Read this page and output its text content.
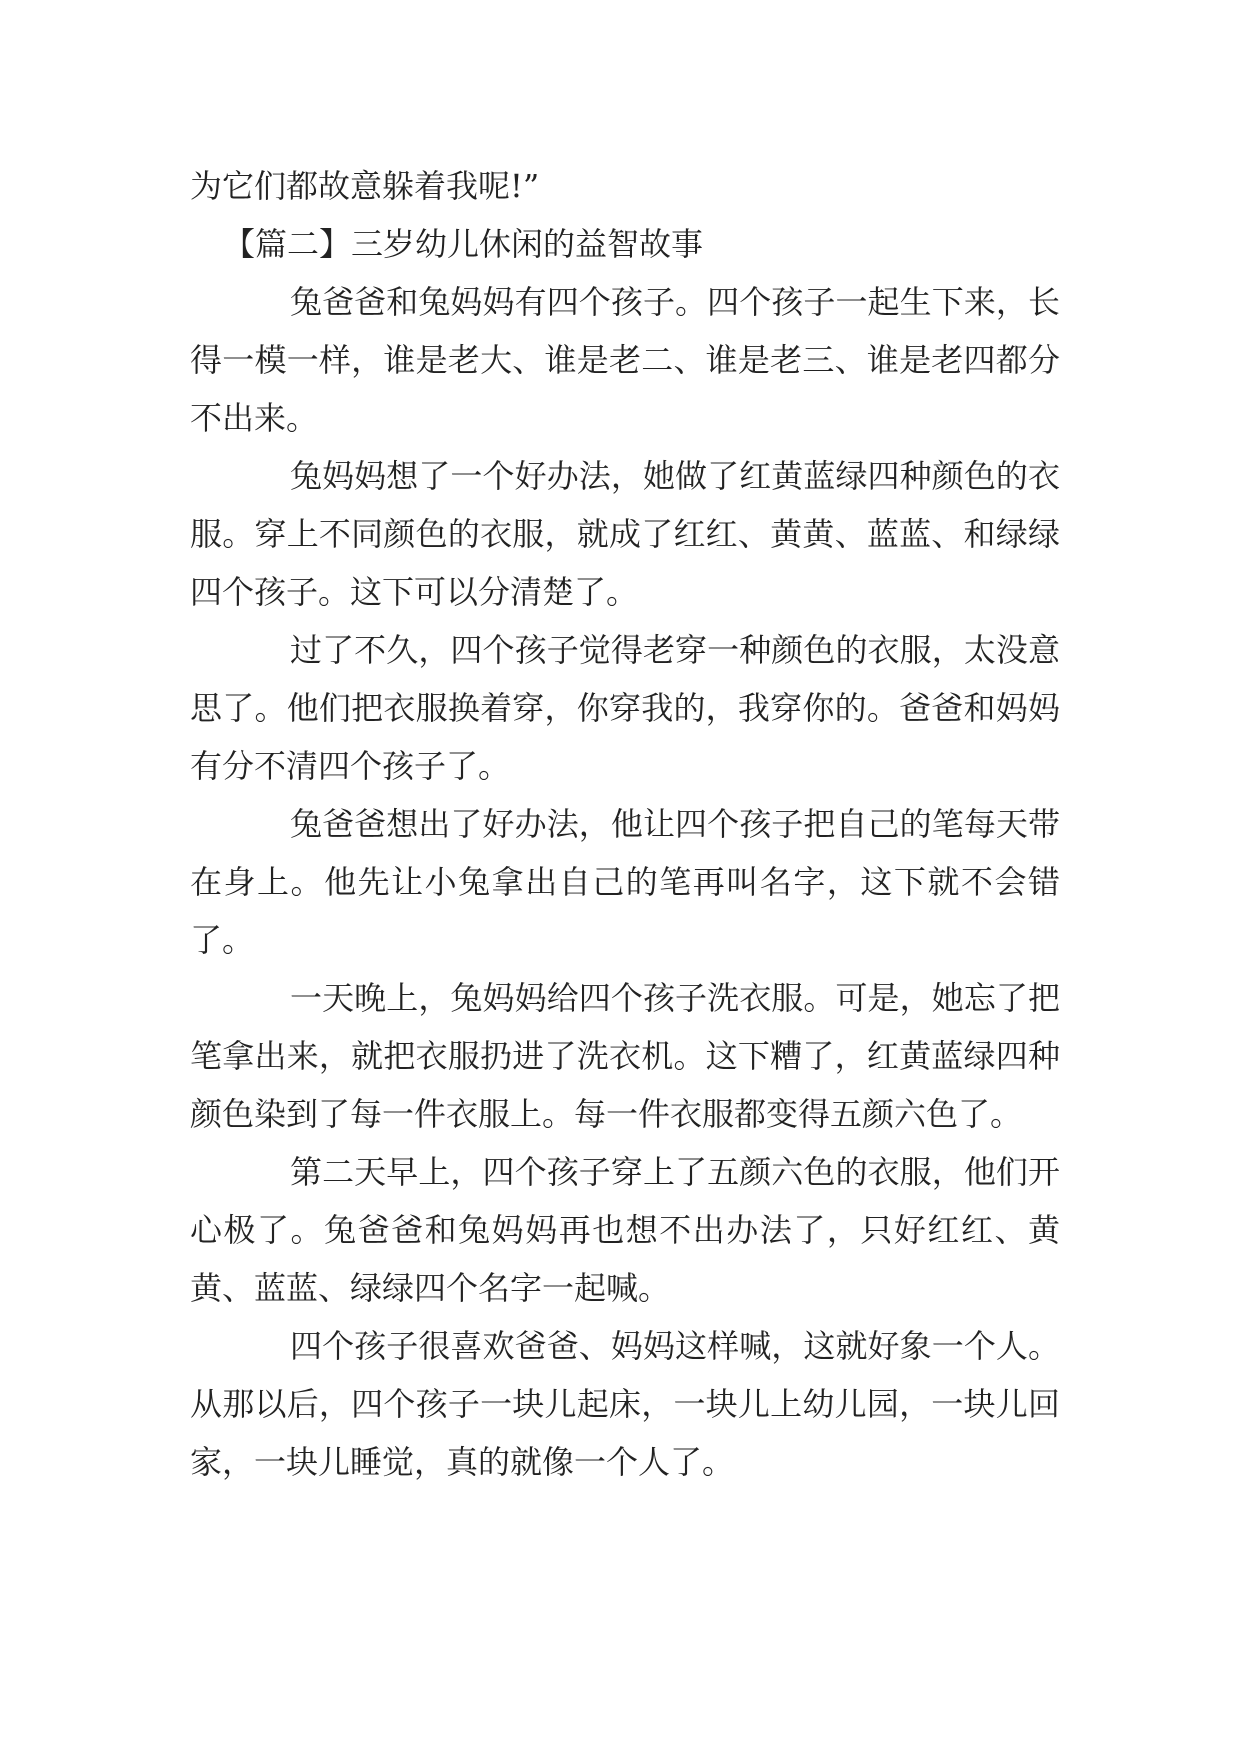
为它们都故意躲着我呢!”

【篇二】三岁幼儿休闲的益智故事

兔爸爸和兔妈妈有四个孩子。四个孩子一起生下来，长得一模一样，谁是老大、谁是老二、谁是老三、谁是老四都分不出来。

兔妈妈想了一个好办法，她做了红黄蓝绿四种颜色的衣服。穿上不同颜色的衣服，就成了红红、黄黄、蓝蓝、和绿绿四个孩子。这下可以分清楚了。

过了不久，四个孩子觉得老穿一种颜色的衣服，太没意思了。他们把衣服换着穿，你穿我的，我穿你的。爸爸和妈妈有分不清四个孩子了。

兔爸爸想出了好办法，他让四个孩子把自己的笔每天带在身上。他先让小兔拿出自己的笔再叫名字，这下就不会错了。

一天晚上，兔妈妈给四个孩子洗衣服。可是，她忘了把笔拿出来，就把衣服扔进了洗衣机。这下糟了，红黄蓝绿四种颜色染到了每一件衣服上。每一件衣服都变得五颜六色了。

第二天早上，四个孩子穿上了五颜六色的衣服，他们开心极了。兔爸爸和兔妈妈再也想不出办法了，只好红红、黄黄、蓝蓝、绿绿四个名字一起喊。

四个孩子很喜欢爸爸、妈妈这样喊，这就好象一个人。从那以后，四个孩子一块儿起床，一块儿上幼儿园，一块儿回家，一块儿睡觉，真的就像一个人了。
